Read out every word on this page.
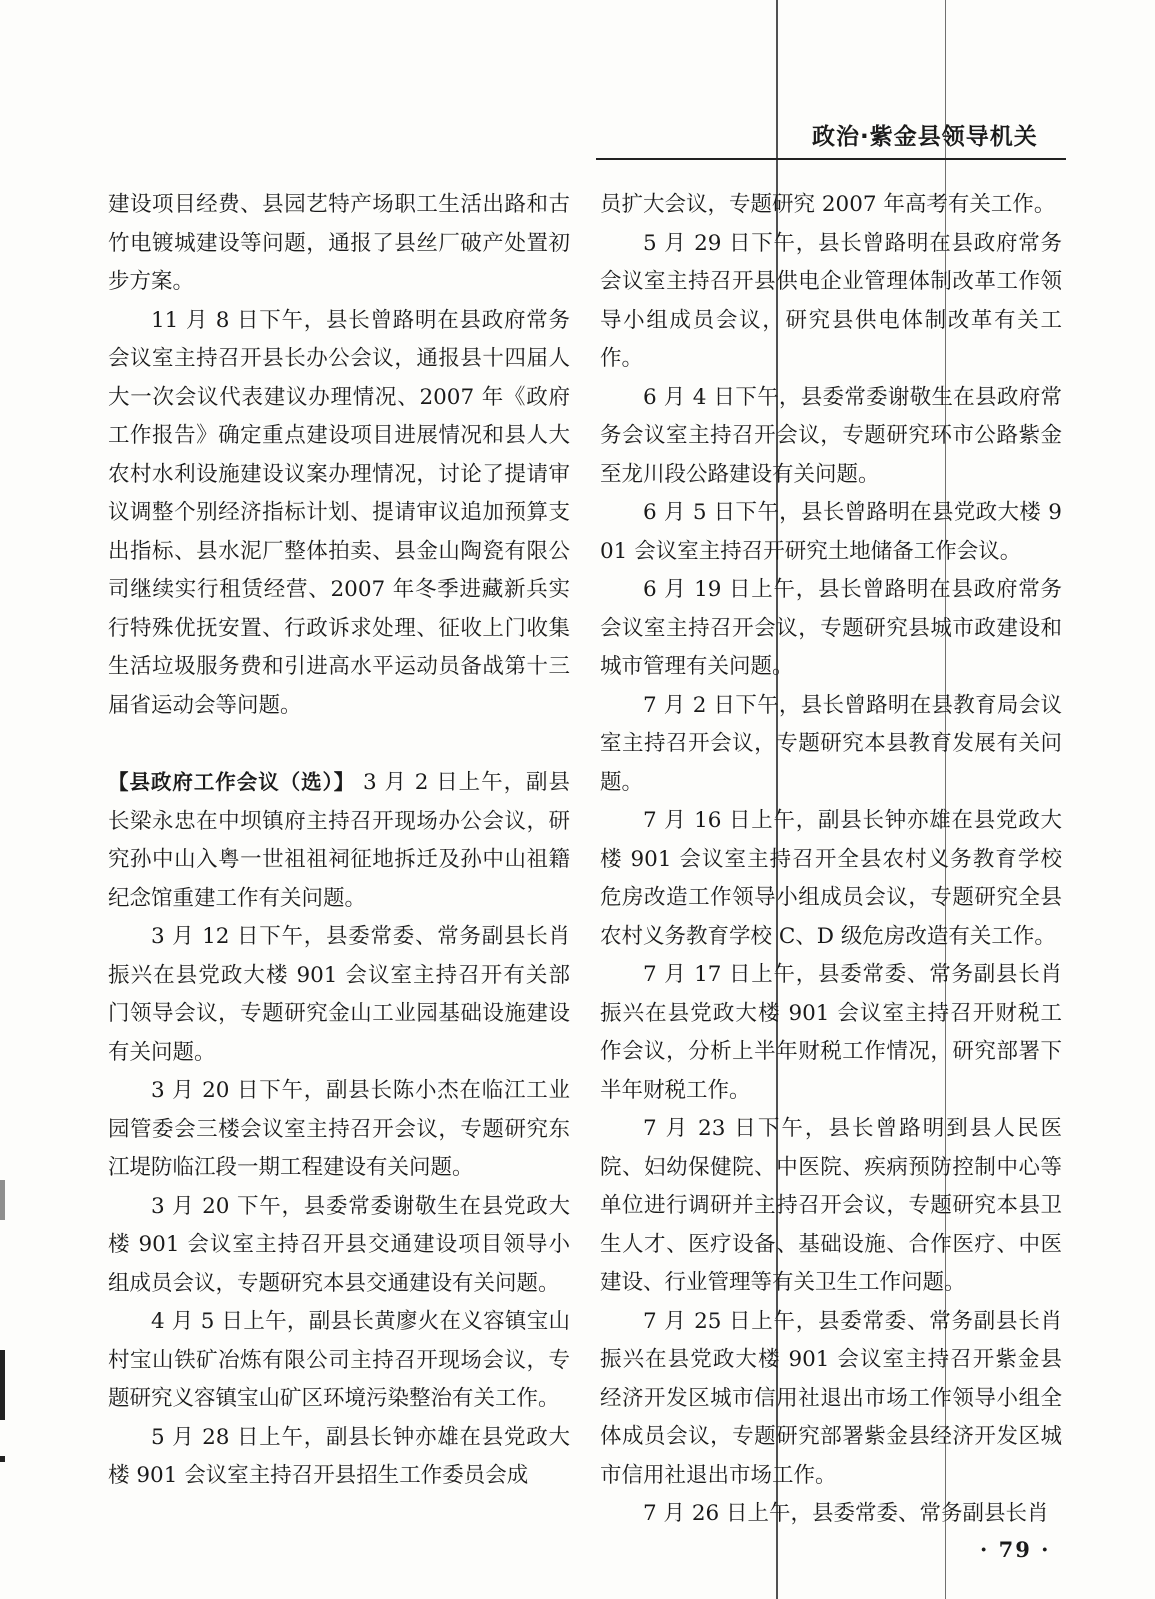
政治·紫金县领导机关

建设项目经费、县园艺特产场职工生活出路和古竹电镀城建设等问题，通报了县丝厂破产处置初步方案。

11 月 8 日下午，县长曾路明在县政府常务会议室主持召开县长办公会议，通报县十四届人大一次会议代表建议办理情况、2007 年《政府工作报告》确定重点建设项目进展情况和县人大农村水利设施建设议案办理情况，讨论了提请审议调整个别经济指标计划、提请审议追加预算支出指标、县水泥厂整体拍卖、县金山陶瓷有限公司继续实行租赁经营、2007 年冬季进藏新兵实行特殊优抚安置、行政诉求处理、征收上门收集生活垃圾服务费和引进高水平运动员备战第十三届省运动会等问题。

【县政府工作会议（选）】 3 月 2 日上午，副县长梁永忠在中坝镇府主持召开现场办公会议，研究孙中山入粤一世祖祖祠征地拆迁及孙中山祖籍纪念馆重建工作有关问题。

3 月 12 日下午，县委常委、常务副县长肖振兴在县党政大楼 901 会议室主持召开有关部门领导会议，专题研究金山工业园基础设施建设有关问题。

3 月 20 日下午，副县长陈小杰在临江工业园管委会三楼会议室主持召开会议，专题研究东江堤防临江段一期工程建设有关问题。

3 月 20 下午，县委常委谢敬生在县党政大楼 901 会议室主持召开县交通建设项目领导小组成员会议，专题研究本县交通建设有关问题。

4 月 5 日上午，副县长黄廖火在义容镇宝山村宝山铁矿冶炼有限公司主持召开现场会议，专题研究义容镇宝山矿区环境污染整治有关工作。

5 月 28 日上午，副县长钟亦雄在县党政大楼 901 会议室主持召开县招生工作委员会成

员扩大会议，专题研究 2007 年高考有关工作。

5 月 29 日下午，县长曾路明在县政府常务会议室主持召开县供电企业管理体制改革工作领导小组成员会议，研究县供电体制改革有关工作。

6 月 4 日下午，县委常委谢敬生在县政府常务会议室主持召开会议，专题研究环市公路紫金至龙川段公路建设有关问题。

6 月 5 日下午，县长曾路明在县党政大楼 901 会议室主持召开研究土地储备工作会议。

6 月 19 日上午，县长曾路明在县政府常务会议室主持召开会议，专题研究县城市政建设和城市管理有关问题。

7 月 2 日下午，县长曾路明在县教育局会议室主持召开会议，专题研究本县教育发展有关问题。

7 月 16 日上午，副县长钟亦雄在县党政大楼 901 会议室主持召开全县农村义务教育学校危房改造工作领导小组成员会议，专题研究全县农村义务教育学校 C、D 级危房改造有关工作。

7 月 17 日上午，县委常委、常务副县长肖振兴在县党政大楼 901 会议室主持召开财税工作会议，分析上半年财税工作情况，研究部署下半年财税工作。

7 月 23 日下午，县长曾路明到县人民医院、妇幼保健院、中医院、疾病预防控制中心等单位进行调研并主持召开会议，专题研究本县卫生人才、医疗设备、基础设施、合作医疗、中医建设、行业管理等有关卫生工作问题。

7 月 25 日上午，县委常委、常务副县长肖振兴在县党政大楼 901 会议室主持召开紫金县经济开发区城市信用社退出市场工作领导小组全体成员会议，专题研究部署紫金县经济开发区城市信用社退出市场工作。

7 月 26 日上午，县委常委、常务副县长肖

· 79 ·
